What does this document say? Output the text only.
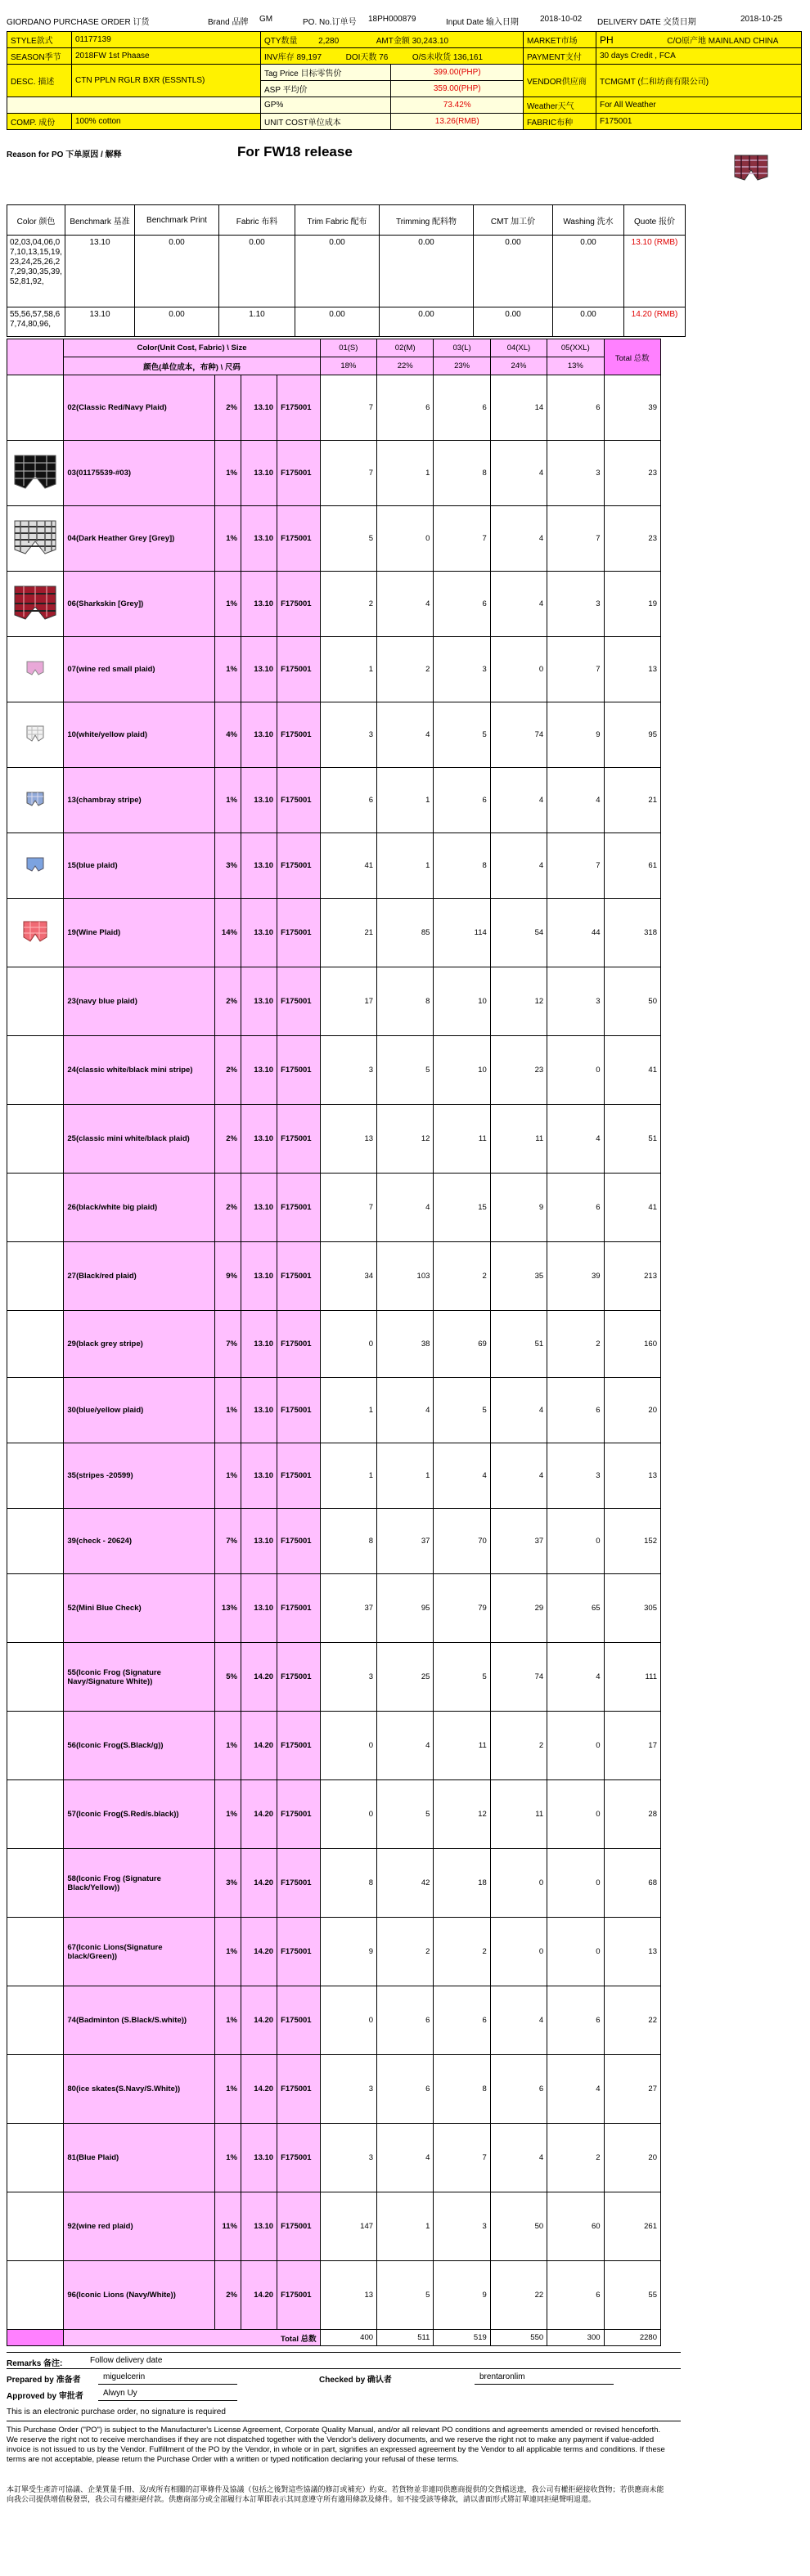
GIORDANO PURCHASE ORDER 订货	Brand 品牌 GM	PO. No.订单号 18PH000879	Input Date 输入日期	2018-10-02 DELIVERY DATE 交货日期	2018-10-25
STYLE款式	01177139	QTY数量 2,280 AMT金额 30,243.10		MARKET市场	PH C/O原产地 MAINLAND CHINA
SEASON季节	2018FW 1st Phaase	INV库存 89,197 DOI天数 76 O/S未收货 136,161		PAYMENT支付	30 days Credit , FCA
DESC. 描述	CTN PPLN RGLR BXR (ESSNTLS)	Tag Price 目标零售价	399.00(PHP)	VENDOR供应商	TCMGMT (仁和坊商有限公司)
		ASP 平均价	359.00(PHP)		
		GP%	73.42%	Weather天气	For All Weather
COMP. 成份	100% cotton	UNIT COST单位成本	13.26(RMB)	FABRIC布种	F175001
Reason for PO 下单原因 / 解释	For FW18 release
Color 颜色	Benchmark 基准	Benchmark Print	Fabric 布料	Trim Fabric 配布	Trimming 配料物	CMT 加工价	Washing 洗水	Quote 报价
02,03,04,06,07,10,13,15,19,23,24,25,26,27,29,30,35,39,52,81,92,	13.10	0.00	0.00	0.00	0.00	0.00	0.00	13.10 (RMB)
55,56,57,58,67,74,80,96,	13.10	0.00	1.10	0.00	0.00	0.00	0.00	14.20 (RMB)
	Color(Unit Cost, Fabric) \ Size				01(S)	02(M)	03(L)	04(XL)	05(XXL)	Total 总数
	颜色(单位成本，布种) \ 尺码				18%	22%	23%	24%	13%	
	02(Classic Red/Navy Plaid)	2%	13.10	F175001	7	6	6	14	6	39
	03(01175539-#03)	1%	13.10	F175001	7	1	8	4	3	23
	04(Dark Heather Grey [Grey])	1%	13.10	F175001	5	0	7	4	7	23
	06(Sharkskin [Grey])	1%	13.10	F175001	2	4	6	4	3	19
	07(wine red small plaid)	1%	13.10	F175001	1	2	3	0	7	13
	10(white/yellow plaid)	4%	13.10	F175001	3	4	5	74	9	95
	13(chambray stripe)	1%	13.10	F175001	6	1	6	4	4	21
	15(blue plaid)	3%	13.10	F175001	41	1	8	4	7	61
	19(Wine Plaid)	14%	13.10	F175001	21	85	114	54	44	318
	23(navy blue plaid)	2%	13.10	F175001	17	8	10	12	3	50
	24(classic white/black mini stripe)	2%	13.10	F175001	3	5	10	23	0	41
	25(classic mini white/black plaid)	2%	13.10	F175001	13	12	11	11	4	51
	26(black/white big plaid)	2%	13.10	F175001	7	4	15	9	6	41
	27(Black/red plaid)	9%	13.10	F175001	34	103	2	35	39	213
	29(black grey stripe)	7%	13.10	F175001	0	38	69	51	2	160
	30(blue/yellow plaid)	1%	13.10	F175001	1	4	5	4	6	20
	35(stripes -20599)	1%	13.10	F175001	1	1	4	4	3	13
	39(check - 20624)	7%	13.10	F175001	8	37	70	37	0	152
	52(Mini Blue Check)	13%	13.10	F175001	37	95	79	29	65	305
	55(Iconic Frog (Signature Navy/Signature White))	5%	14.20	F175001	3	25	5	74	4	111
	56(Iconic Frog(S.Black/g))	1%	14.20	F175001	0	4	11	2	0	17
	57(Iconic Frog(S.Red/s.black))	1%	14.20	F175001	0	5	12	11	0	28
	58(Iconic Frog (Signature Black/Yellow))	3%	14.20	F175001	8	42	18	0	0	68
	67(Iconic Lions(Signature black/Green))	1%	14.20	F175001	9	2	2	0	0	13
	74(Badminton (S.Black/S.white))	1%	14.20	F175001	0	6	6	4	6	22
	80(ice skates(S.Navy/S.White))	1%	14.20	F175001	3	6	8	6	4	27
	81(Blue Plaid)	1%	13.10	F175001	3	4	7	4	2	20
	92(wine red plaid)	11%	13.10	F175001	147	1	3	50	60	261
	96(Iconic Lions (Navy/White))	2%	14.20	F175001	13	5	9	22	6	55
	Total 总数				400	511	519	550	300	2280
Remarks 备注:	Follow delivery date
Prepared by 准备者	miguelcerin	Checked by 确认者	brentaronlim
Approved by 审批者 Alwyn Uy
This is an electronic purchase order, no signature is required
This Purchase Order ("PO") is subject to the Manufacturer's License Agreement, Corporate Quality Manual, and/or all relevant PO conditions and agreements amended or revised henceforth. We reserve the right not to receive merchandises if they are not dispatched together with the Vendor's delivery documents, and we reserve the right not to make any payment if value-added invoice is not issued to us by the Vendor. Fulfillment of the PO by the Vendor, in whole or in part, signifies an expressed agreement by the Vendor to all applicable terms and conditions. If these terms are not acceptable, please return the Purchase Order with a written or typed notification declaring your refusal of these terms.
本訂單受生產許可協議、企業質量手冊、及/或所有相關的訂單條件及協議（包括之後對這些協議的修訂或補充）約束。若貨物並非連同供應商提供的交貨檔送達，我公司有權拒絕接收貨物；若供應商未能向我公司提供增值稅發票，我公司有權拒絕付款。供應商部分或全部履行本訂單即表示其同意遵守所有適用條款及條件。如不接受該等條款，請以書面形式將訂單連同拒絕聲明退還。
